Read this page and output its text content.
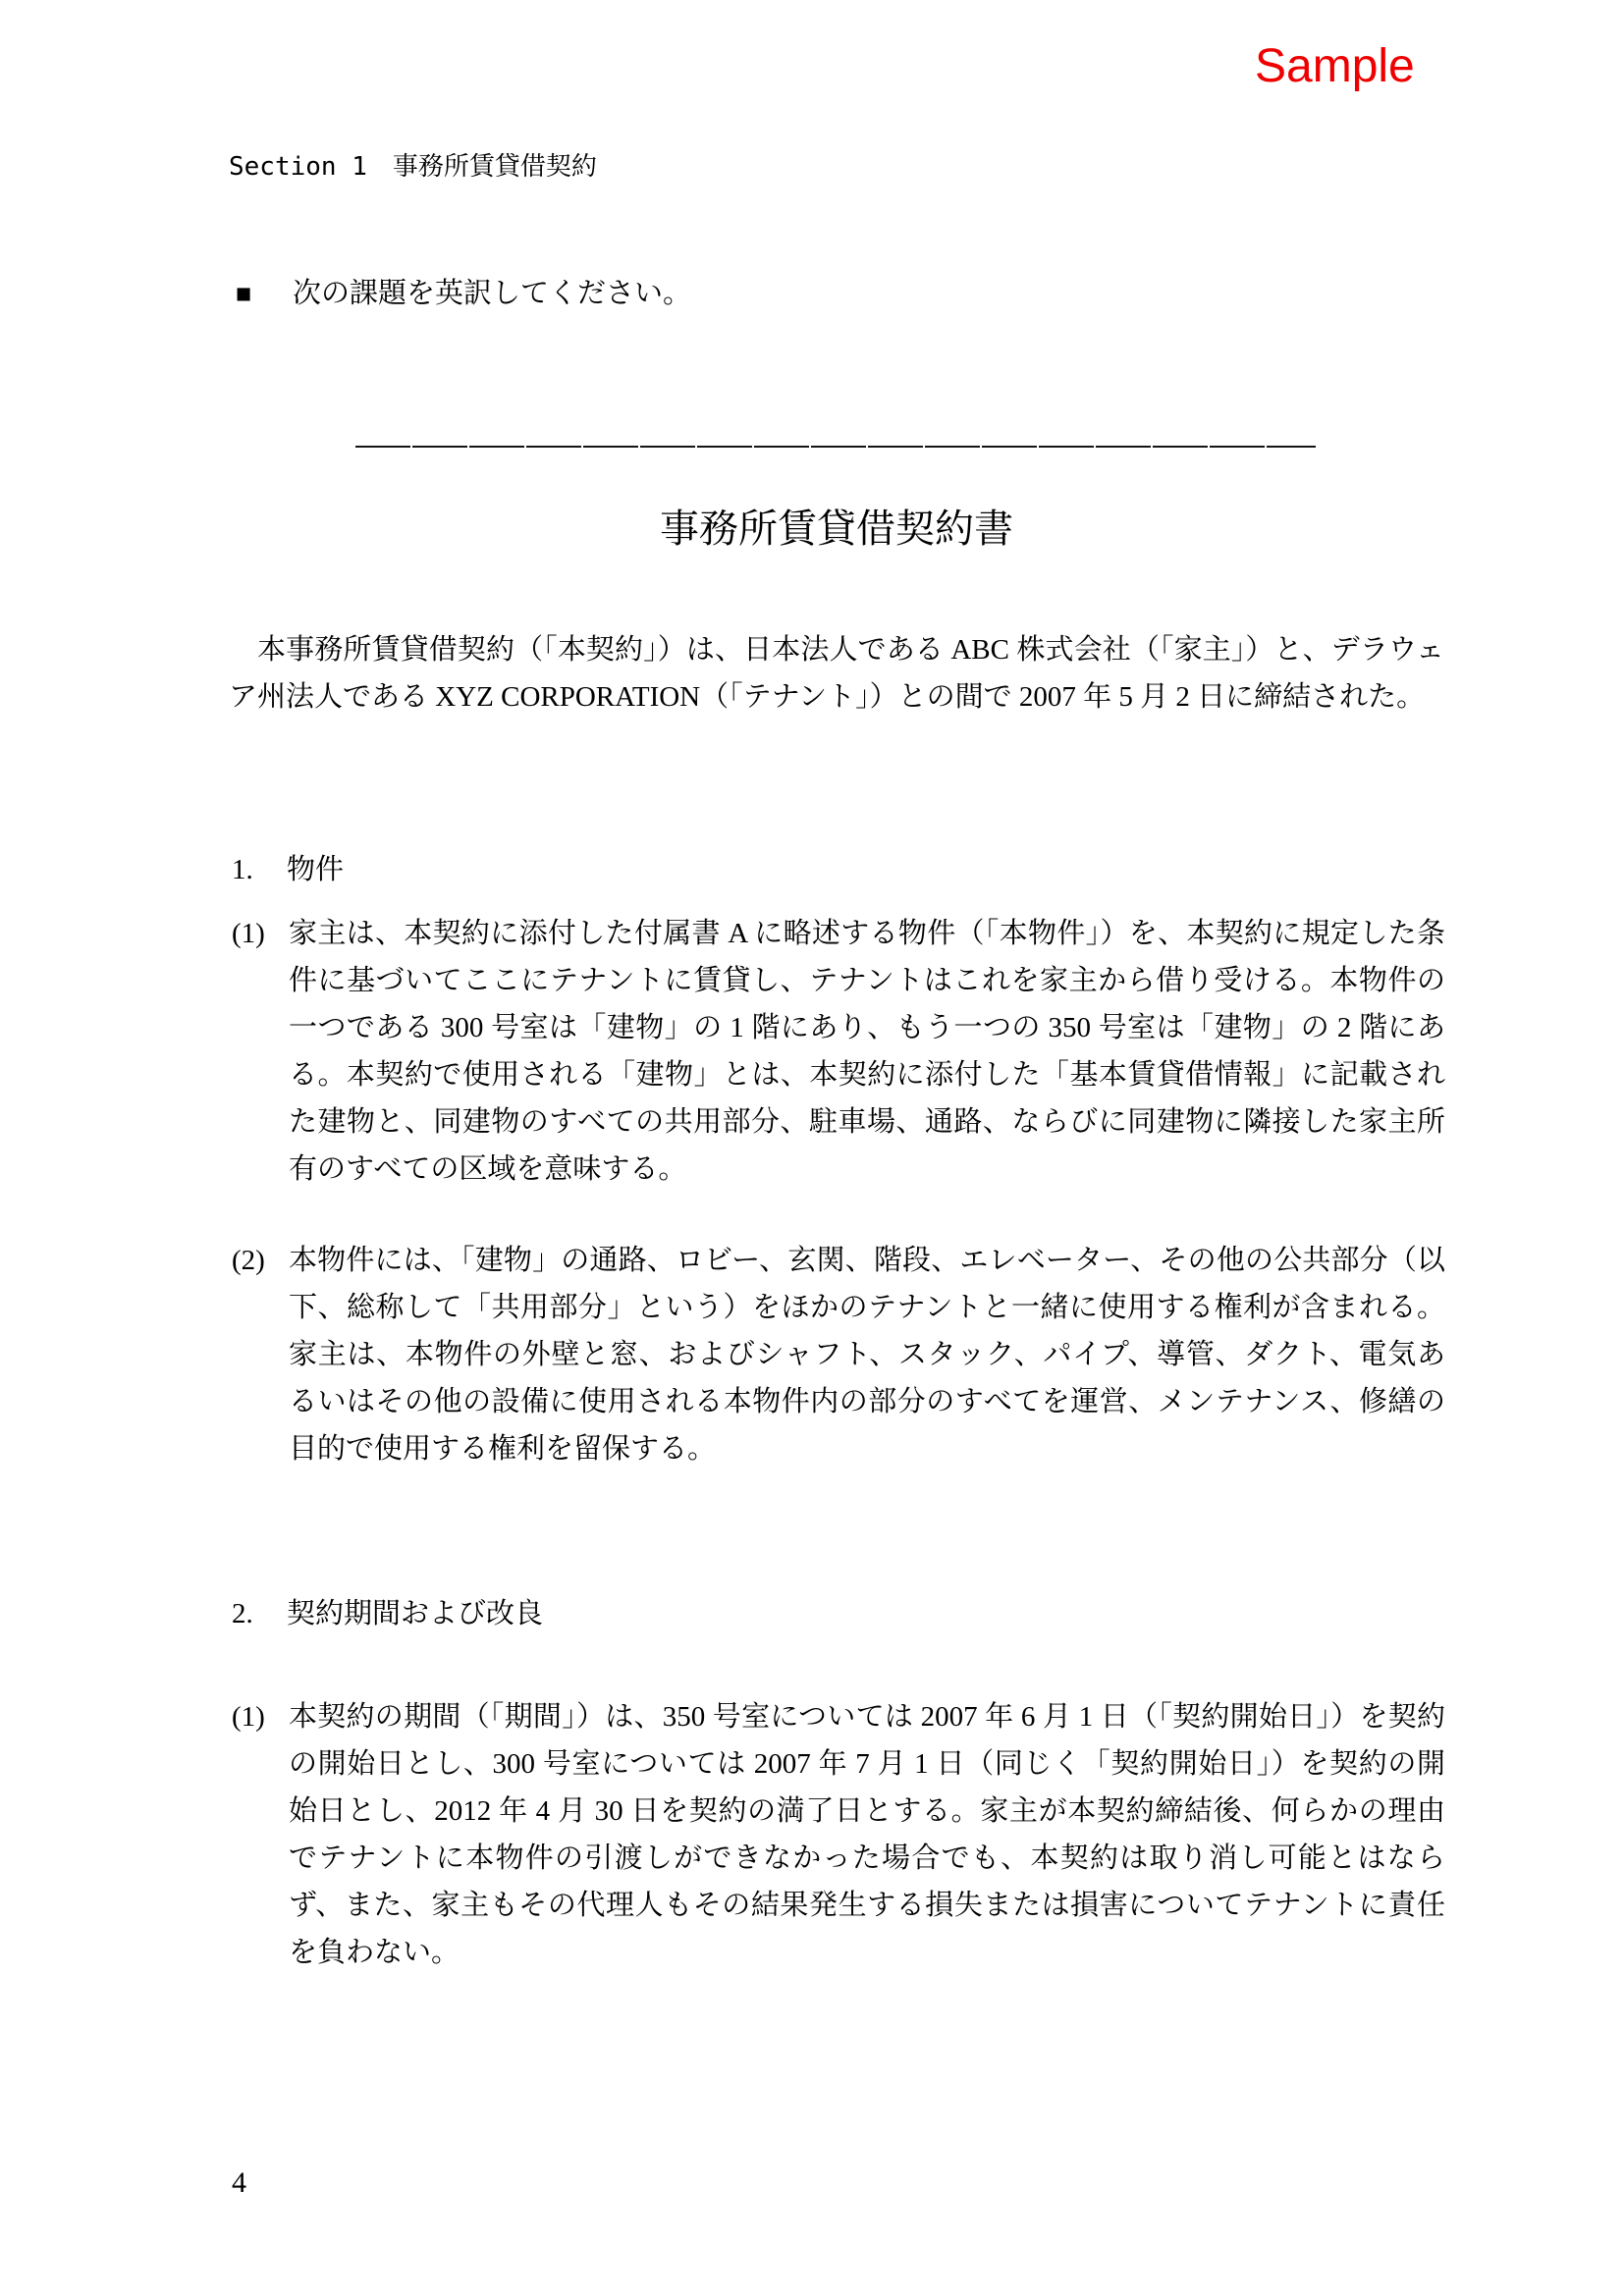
Sample
Section 1　事務所賃貸借契約
■ 次の課題を英訳してください。
事務所賃貸借契約書
本事務所賃貸借契約（「本契約」）は、日本法人である ABC 株式会社（「家主」）と、デラウェア州法人である XYZ CORPORATION（「テナント」）との間で 2007 年 5 月 2 日に締結された。
1. 物件
(1) 家主は、本契約に添付した付属書 A に略述する物件（「本物件」）を、本契約に規定した条件に基づいてここにテナントに賃貸し、テナントはこれを家主から借り受ける。本物件の一つである 300 号室は「建物」の 1 階にあり、もう一つの 350 号室は「建物」の 2 階にある。本契約で使用される「建物」とは、本契約に添付した「基本賃貸借情報」に記載された建物と、同建物のすべての共用部分、駐車場、通路、ならびに同建物に隣接した家主所有のすべての区域を意味する。
(2) 本物件には、「建物」の通路、ロビー、玄関、階段、エレベーター、その他の公共部分（以下、総称して「共用部分」という）をほかのテナントと一緒に使用する権利が含まれる。家主は、本物件の外壁と窓、およびシャフト、スタック、パイプ、導管、ダクト、電気あるいはその他の設備に使用される本物件内の部分のすべてを運営、メンテナンス、修繕の目的で使用する権利を留保する。
2. 契約期間および改良
(1) 本契約の期間（「期間」）は、350 号室については 2007 年 6 月 1 日（「契約開始日」）を契約の開始日とし、300 号室については 2007 年 7 月 1 日（同じく「契約開始日」）を契約の開始日とし、2012 年 4 月 30 日を契約の満了日とする。家主が本契約締結後、何らかの理由でテナントに本物件の引渡しができなかった場合でも、本契約は取り消し可能とはならず、また、家主もその代理人もその結果発生する損失または損害についてテナントに責任を負わない。
4
